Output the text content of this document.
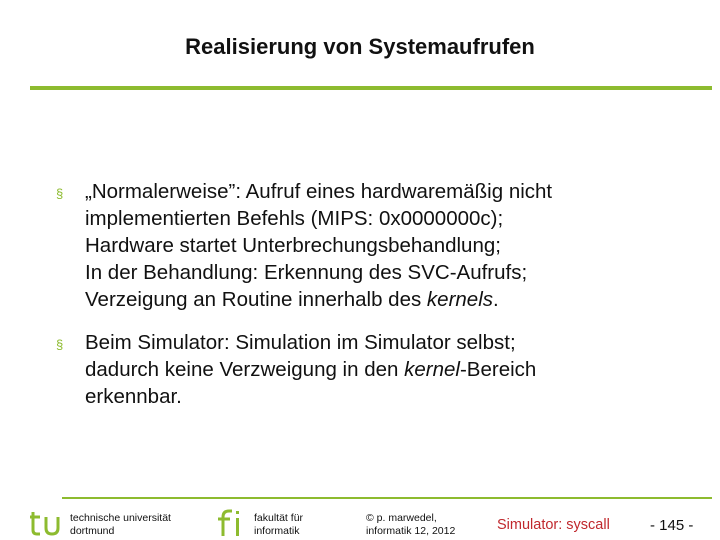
Realisierung von Systemaufrufen
§ „Normalerweise”: Aufruf eines hardwaremäßig nicht
implementierten Befehls (MIPS: 0x0000000c);
Hardware startet Unterbrechungsbehandlung;
In der Behandlung: Erkennung des SVC-Aufrufs;
Verzeigung an Routine innerhalb des kernels.
§ Beim Simulator: Simulation im Simulator selbst;
dadurch keine Verzweigung in den kernel-Bereich
erkennbar.
technische universität
dortmund
fakultät für
informatik
© p. marwedel,
informatik 12, 2012	Simulator: syscall	- 145 -
